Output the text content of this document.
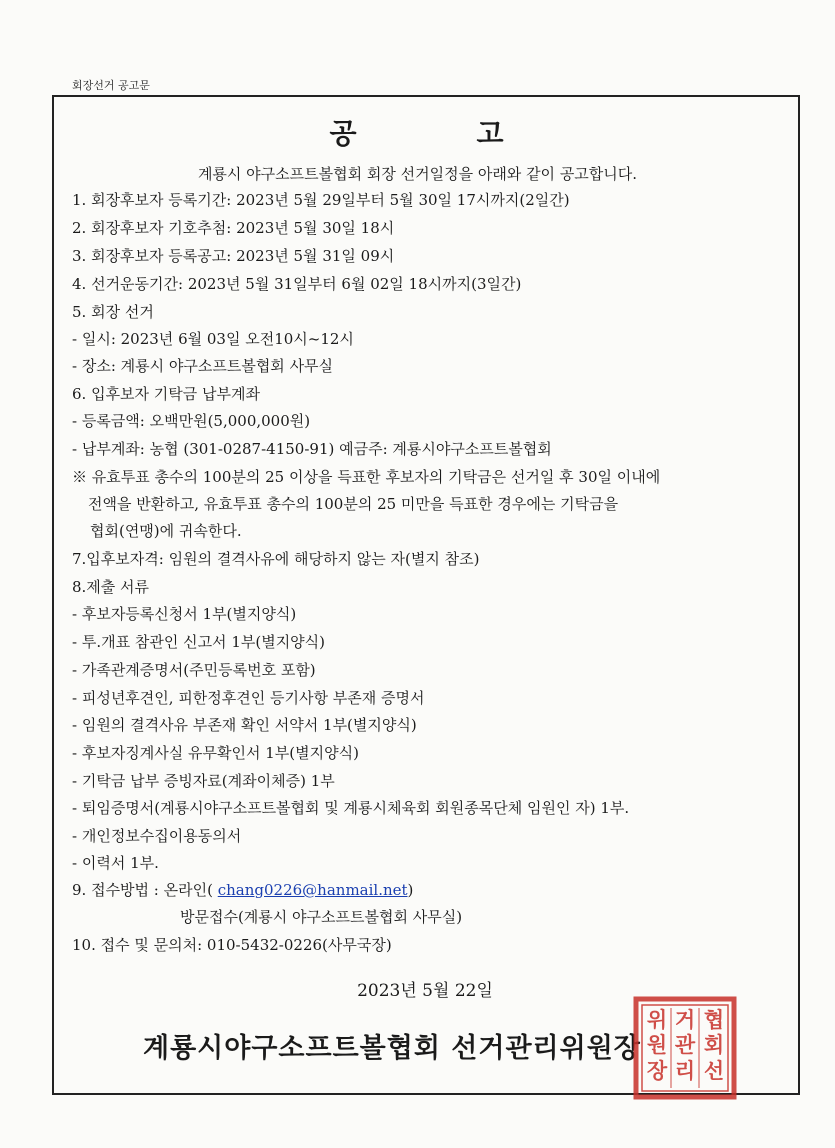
회장선거 공고문
공	고
계룡시 야구소프트볼협회 회장 선거일정을 아래와 같이 공고합니다.
1. 회장후보자 등록기간: 2023년 5월 29일부터 5월 30일 17시까지(2일간)
2. 회장후보자 기호추첨: 2023년 5월 30일 18시
3. 회장후보자 등록공고: 2023년 5월 31일 09시
4. 선거운동기간: 2023년 5월 31일부터 6월 02일 18시까지(3일간)
5. 회장 선거
- 일시: 2023년 6월 03일 오전10시~12시
- 장소: 계룡시 야구소프트볼협회 사무실
6. 입후보자 기탁금 납부계좌
- 등록금액: 오백만원(5,000,000원)
- 납부계좌: 농협 (301-0287-4150-91) 예금주: 계룡시야구소프트볼협회
※ 유효투표 총수의 100분의 25 이상을 득표한 후보자의 기탁금은 선거일 후 30일 이내에
전액을 반환하고, 유효투표 총수의 100분의 25 미만을 득표한 경우에는 기탁금을
협회(연맹)에 귀속한다.
7.입후보자격: 임원의 결격사유에 해당하지 않는 자(별지 참조)
8.제출 서류
- 후보자등록신청서 1부(별지양식)
- 투.개표 참관인 신고서 1부(별지양식)
- 가족관계증명서(주민등록번호 포함)
- 피성년후견인, 피한정후견인 등기사항 부존재 증명서
- 임원의 결격사유 부존재 확인 서약서 1부(별지양식)
- 후보자징계사실 유무확인서 1부(별지양식)
- 기탁금 납부 증빙자료(계좌이체증) 1부
- 퇴임증명서(계룡시야구소프트볼협회 및 계룡시체육회 회원종목단체 임원인 자) 1부.
- 개인정보수집이용동의서
- 이력서 1부.
9. 접수방법 : 온라인( chang0226@hanmail.net)
방문접수(계룡시 야구소프트볼협회 사무실)
10. 접수 및 문의처: 010-5432-0226(사무국장)
2023년 5월 22일
계룡시야구소프트볼협회 선거관리위원장
협
회
선
거
관
리
위
원
장
